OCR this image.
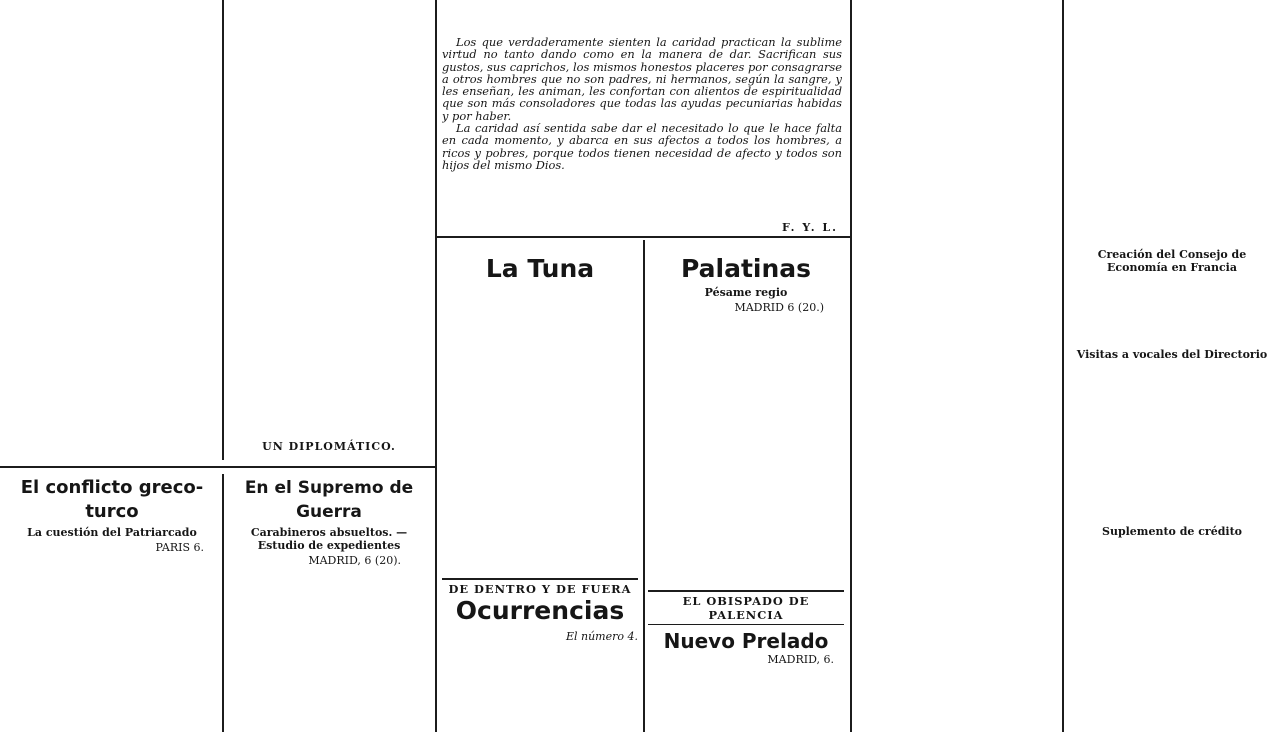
UN DIPLOMÁTICO.

Los que verdaderamente sienten la caridad practican la sublime virtud no tanto dando como en la manera de dar. Sacrifican sus gustos, sus caprichos, los mismos honestos placeres por consagrarse a otros hombres que no son padres, ni hermanos, según la sangre, y les enseñan, les animan, les confortan con alientos de espiritualidad que son más consoladores que todas las ayudas pecuniarias habidas y por haber.

La caridad así sentida sabe dar el necesitado lo que le hace falta en cada momento, y abarca en sus afectos a todos los hombres, a ricos y pobres, porque todos tienen necesidad de afecto y todos son hijos del mismo Dios.

F. Y. L.
El conflicto greco-turco
La cuestión del Patriarcado
PARIS 6.
En el Supremo de Guerra
Carabineros absueltos. — Estudio de expedientes
MADRID, 6 (20).
La Tuna
DE DENTRO Y DE FUERA
Ocurrencias
El número 4.
Palatinas
Pésame regio
MADRID 6 (20.)
EL OBISPADO DE PALENCIA
Nuevo Prelado
MADRID, 6.
Creación del Consejo de Economía en Francia
Visitas a vocales del Directorio
Suplemento de crédito
